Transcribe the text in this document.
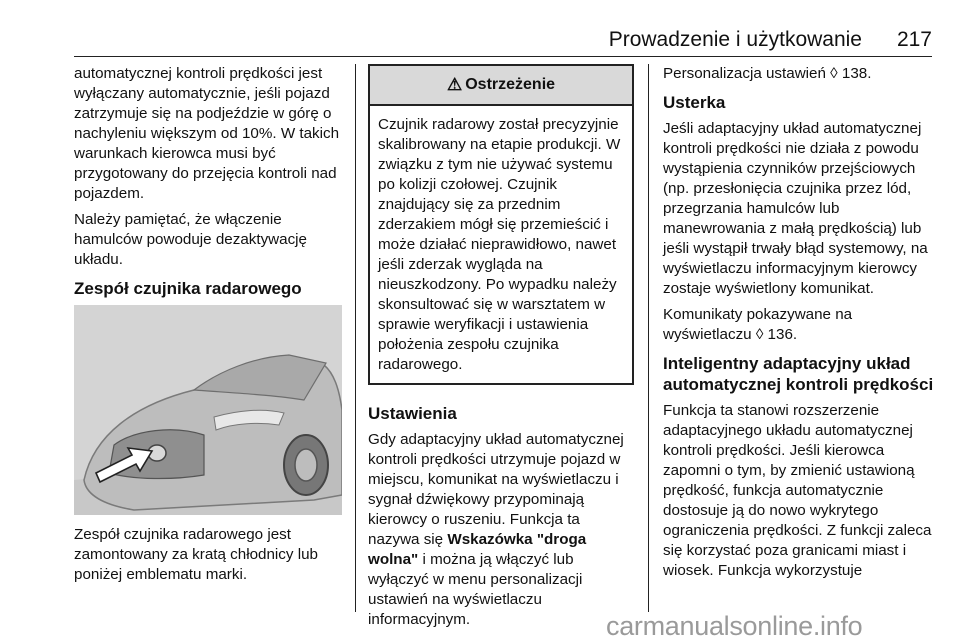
Prowadzenie i użytkowanie 217

automatycznej kontroli prędkości jest wyłączany automatycznie, jeśli pojazd zatrzymuje się na podjeździe w górę o nachyleniu większym od 10%. W takich warunkach kierowca musi być przygotowany do przejęcia kontroli nad pojazdem.

Należy pamiętać, że włączenie hamulców powoduje dezaktywację układu.

Zespół czujnika radarowego

Zespół czujnika radarowego jest zamontowany za kratą chłodnicy lub poniżej emblematu marki.

⚠ Ostrzeżenie
Czujnik radarowy został precyzyjnie skalibrowany na etapie produkcji. W związku z tym nie używać systemu po kolizji czołowej. Czujnik znajdujący się za przednim zderzakiem mógł się przemieścić i może działać nieprawidłowo, nawet jeśli zderzak wygląda na nieuszkodzony. Po wypadku należy skonsultować się w warsztatem w sprawie weryfikacji i ustawienia położenia zespołu czujnika radarowego.
Ustawienia

Gdy adaptacyjny układ automatycznej kontroli prędkości utrzymuje pojazd w miejscu, komunikat na wyświetlaczu i sygnał dźwiękowy przypominają kierowcy o ruszeniu. Funkcja ta nazywa się Wskazówka "droga wolna" i można ją włączyć lub wyłączyć w menu personalizacji ustawień na wyświetlaczu informacyjnym.

Personalizacja ustawień ◊ 138.

Usterka

Jeśli adaptacyjny układ automatycznej kontroli prędkości nie działa z powodu wystąpienia czynników przejściowych (np. przesłonięcia czujnika przez lód, przegrzania hamulców lub manewrowania z małą prędkością) lub jeśli wystąpił trwały błąd systemowy, na wyświetlaczu informacyjnym kierowcy zostaje wyświetlony komunikat.

Komunikaty pokazywane na wyświetlaczu ◊ 136.

Inteligentny adaptacyjny układ automatycznej kontroli prędkości

Funkcja ta stanowi rozszerzenie adaptacyjnego układu automatycznej kontroli prędkości. Jeśli kierowca zapomni o tym, by zmienić ustawioną prędkość, funkcja automatycznie dostosuje ją do nowo wykrytego ograniczenia prędkości. Z funkcji zaleca się korzystać poza granicami miast i wiosek. Funkcja wykorzystuje

carmanualsonline.info
